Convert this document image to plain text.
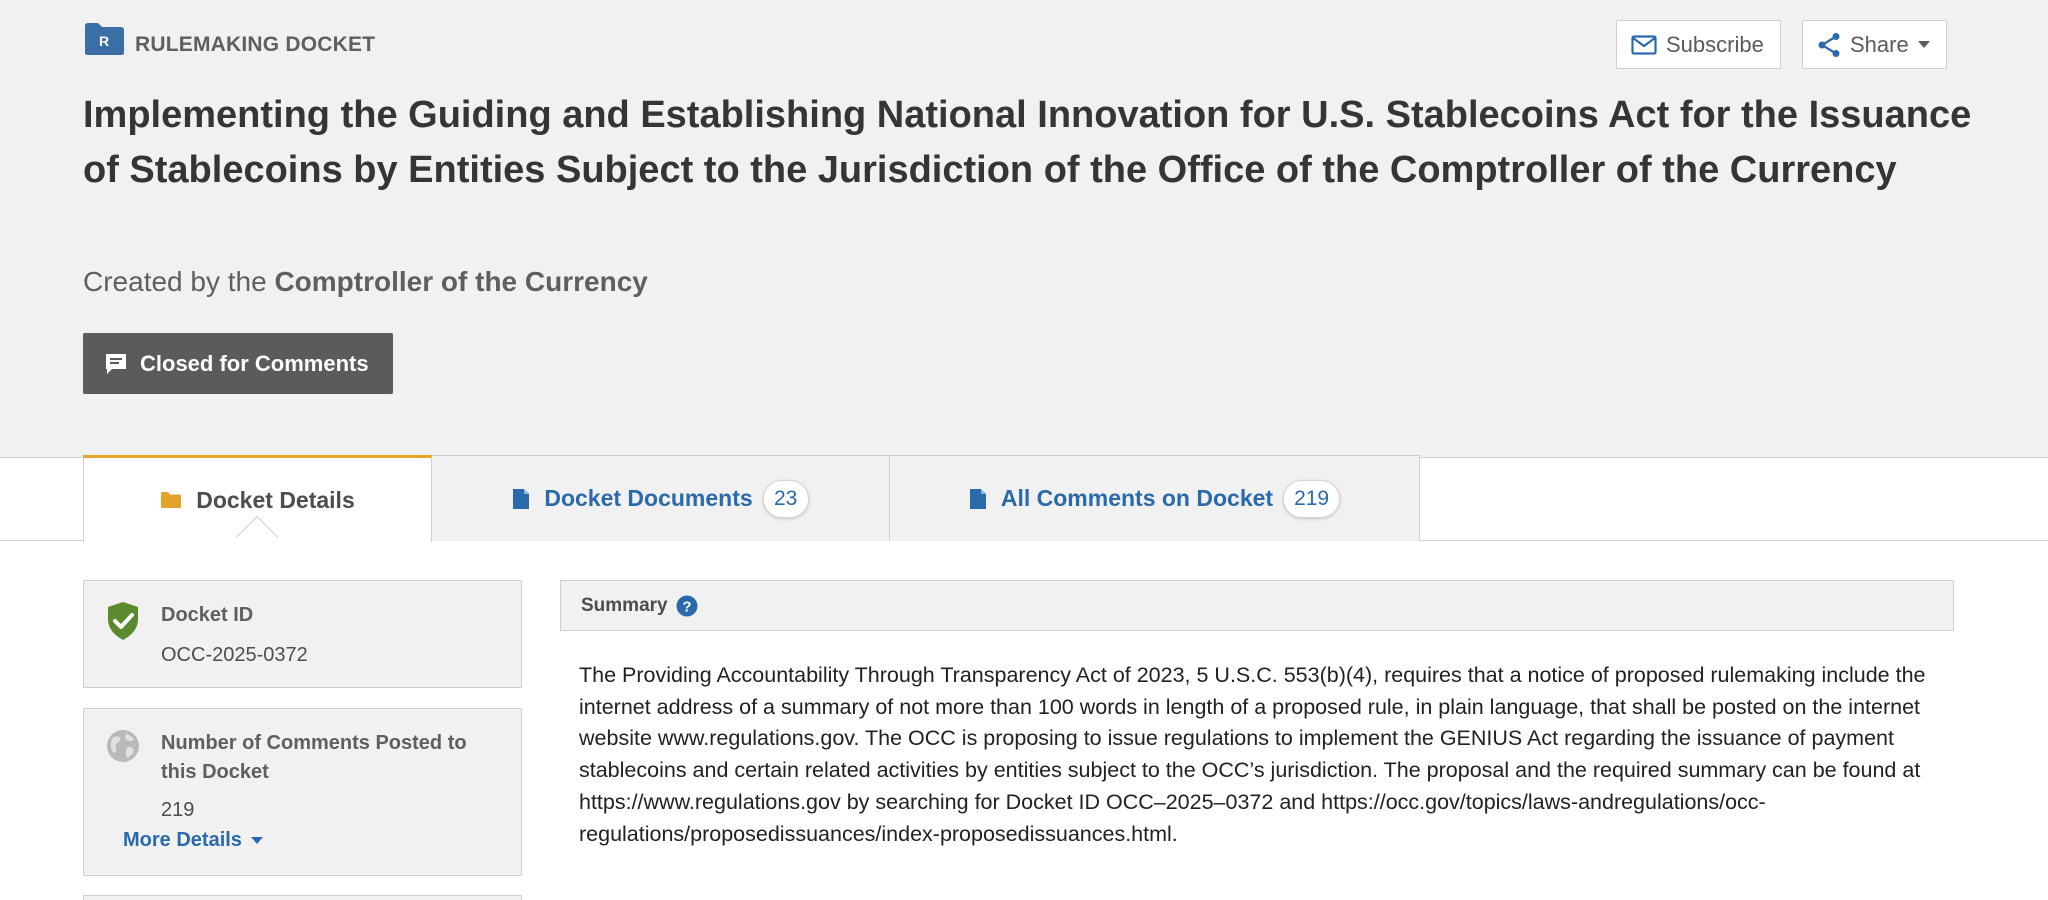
R RULEMAKING DOCKET	Subscribe	Share
Implementing the Guiding and Establishing National Innovation for U.S. Stablecoins Act for the Issuance of Stablecoins by Entities Subject to the Jurisdiction of the Office of the Comptroller of the Currency
Created by the Comptroller of the Currency
Closed for Comments
Docket Details	Docket Documents	23	All Comments on Docket	219
Docket ID
OCC-2025-0372
Number of Comments Posted to this Docket
219
More Details
Summary ?

The Providing Accountability Through Transparency Act of 2023, 5 U.S.C. 553(b)(4), requires that a notice of proposed rulemaking include the internet address of a summary of not more than 100 words in length of a proposed rule, in plain language, that shall be posted on the internet website www.regulations.gov. The OCC is proposing to issue regulations to implement the GENIUS Act regarding the issuance of payment stablecoins and certain related activities by entities subject to the OCC’s jurisdiction. The proposal and the required summary can be found at https://www.regulations.gov by searching for Docket ID OCC–2025–0372 and https://occ.gov/topics/laws-andregulations/occ-regulations/proposedissuances/index-proposedissuances.html.
